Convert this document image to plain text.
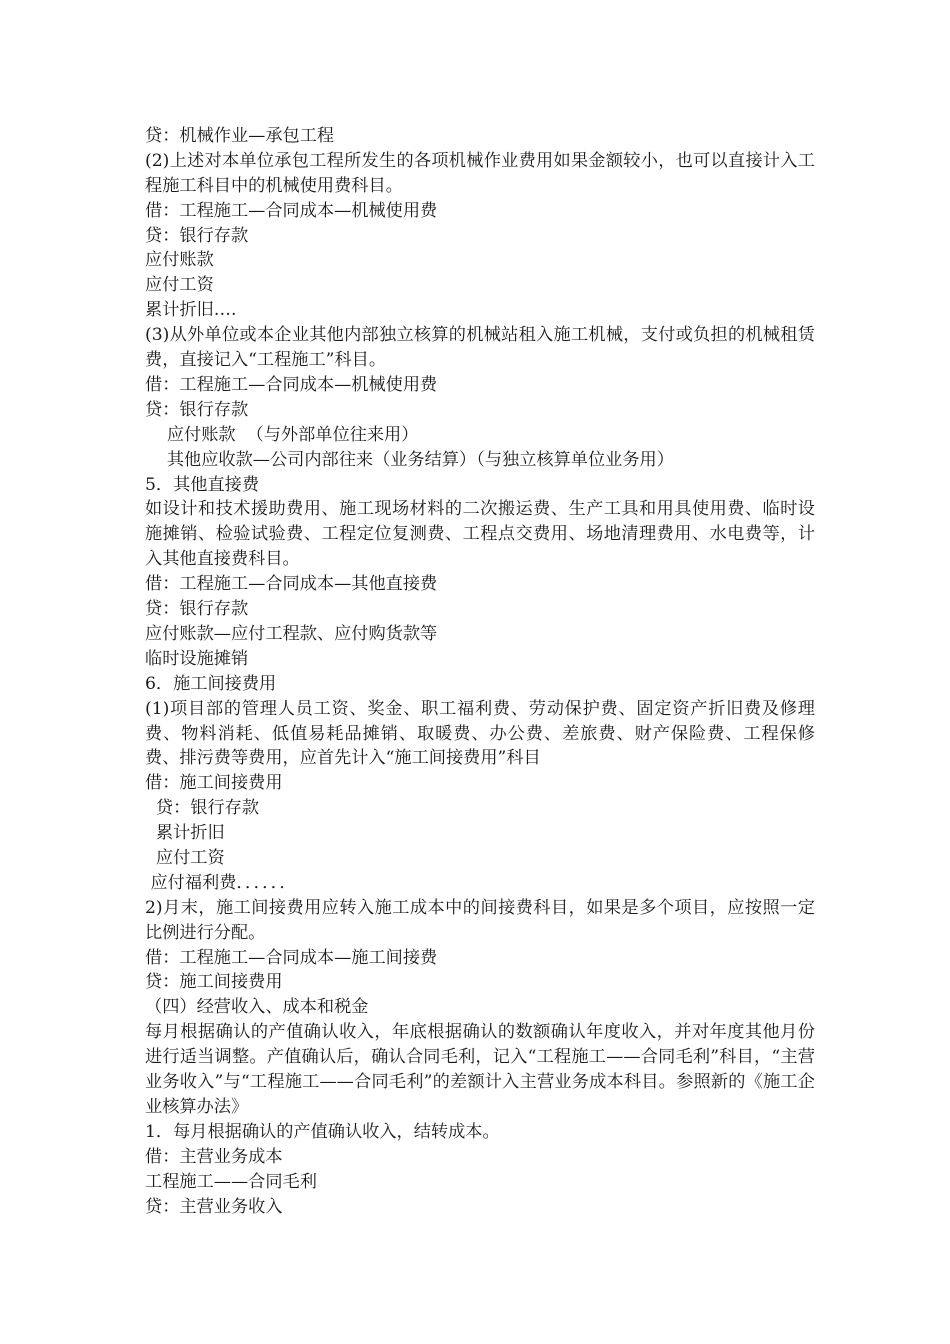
贷：机械作业—承包工程
(2)上述对本单位承包工程所发生的各项机械作业费用如果金额较小，也可以直接计入工程施工科目中的机械使用费科目。
借：工程施工—合同成本—机械使用费
贷：银行存款
应付账款
应付工资
累计折旧….
(3)从外单位或本企业其他内部独立核算的机械站租入施工机械，支付或负担的机械租赁费，直接记入“工程施工”科目。
借：工程施工—合同成本—机械使用费
贷：银行存款
应付账款  （与外部单位往来用）
其他应收款—公司内部往来（业务结算）（与独立核算单位业务用）
5．其他直接费
如设计和技术援助费用、施工现场材料的二次搬运费、生产工具和用具使用费、临时设施摊销、检验试验费、工程定位复测费、工程点交费用、场地清理费用、水电费等，计入其他直接费科目。
借：工程施工—合同成本—其他直接费
贷：银行存款
应付账款—应付工程款、应付购货款等
临时设施摊销
6．施工间接费用
(1)项目部的管理人员工资、奖金、职工福利费、劳动保护费、固定资产折旧费及修理费、物料消耗、低值易耗品摊销、取暖费、办公费、差旅费、财产保险费、工程保修费、排污费等费用，应首先计入“施工间接费用”科目
借：施工间接费用
贷：银行存款
累计折旧
应付工资
应付福利费．．．．．．
2)月末，施工间接费用应转入施工成本中的间接费科目，如果是多个项目，应按照一定比例进行分配。
借：工程施工—合同成本—施工间接费
贷：施工间接费用
（四）经营收入、成本和税金
每月根据确认的产值确认收入，年底根据确认的数额确认年度收入，并对年度其他月份进行适当调整。产值确认后，确认合同毛利，记入“工程施工——合同毛利”科目，“主营业务收入”与“工程施工——合同毛利”的差额计入主营业务成本科目。参照新的《施工企业核算办法》
1．每月根据确认的产值确认收入，结转成本。
借：主营业务成本
工程施工——合同毛利
贷：主营业务收入
